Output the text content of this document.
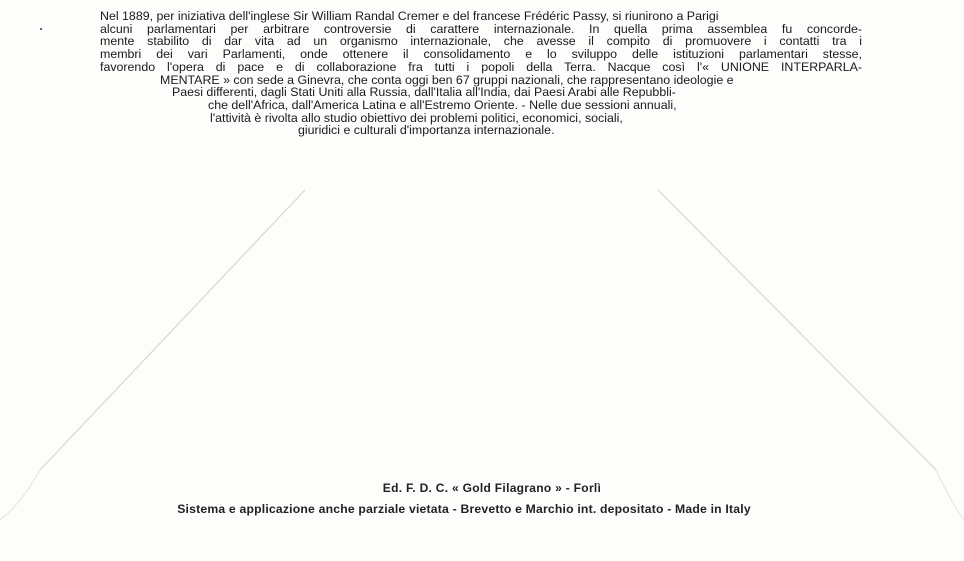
Nel 1889, per iniziativa dell'inglese Sir William Randal Cremer e del francese Frédéric Passy, si riunirono a Parigi
alcuni parlamentari per arbitrare controversie di carattere internazionale. In quella prima assemblea fu concorde-
mente stabilito di dar vita ad un organismo internazionale, che avesse il compito di promuovere i contatti tra i
membri dei vari Parlamenti, onde ottenere il consolidamento e lo sviluppo delle istituzioni parlamentari stesse,
favorendo l'opera di pace e di collaborazione fra tutti i popoli della Terra. Nacque così l'« UNIONE INTERPARLA-
MENTARE » con sede a Ginevra, che conta oggi ben 67 gruppi nazionali, che rappresentano ideologie e
Paesi differenti, dagli Stati Uniti alla Russia, dall'Italia all'India, dai Paesi Arabi alle Repubbli-
che dell'Africa, dall'America Latina e all'Estremo Oriente. - Nelle due sessioni annuali,
l'attività è rivolta allo studio obiettivo dei problemi politici, economici, sociali,
giuridici e culturali d'importanza internazionale.
Ed. F. D. C. « Gold Filagrano » - Forlì
Sistema e applicazione anche parziale vietata - Brevetto e Marchio int. depositato - Made in Italy
